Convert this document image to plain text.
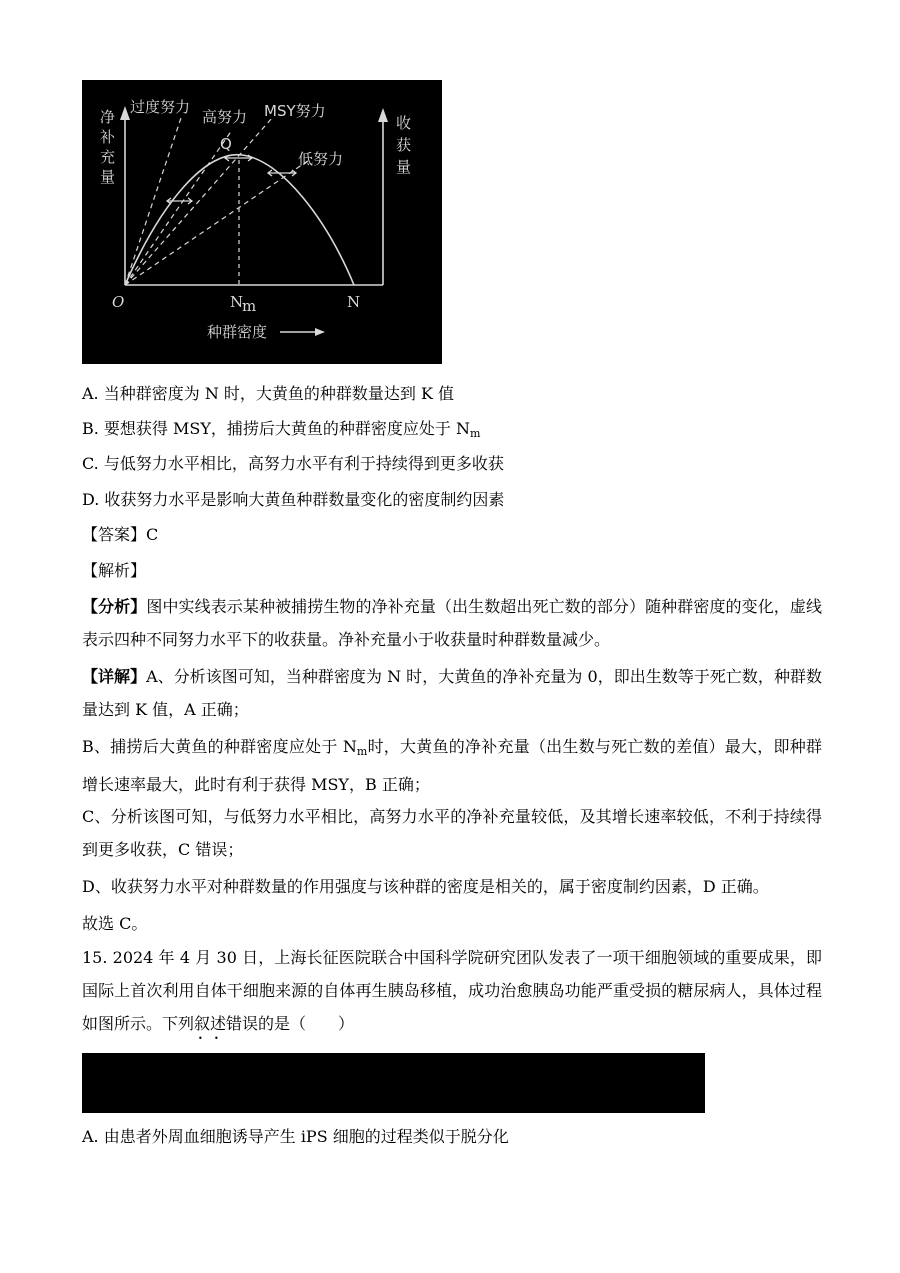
净
补
充
量
收
获
量
过度努力
高努力 MSY努力
低努力
Q
O	N
m	N
种群密度
A. 当种群密度为 N 时，大黄鱼的种群数量达到 K 值
B. 要想获得 MSY，捕捞后大黄鱼的种群密度应处于 $N_m$
C. 与低努力水平相比，高努力水平有利于持续得到更多收获
D. 收获努力水平是影响大黄鱼种群数量变化的密度制约因素
【答案】C
【解析】
【分析】图中实线表示某种被捕捞生物的净补充量（出生数超出死亡数的部分）随种群密度的变化，虚线表示四种不同努力水平下的收获量。净补充量小于收获量时种群数量减少。
【详解】A、分析该图可知，当种群密度为 N 时，大黄鱼的净补充量为 0，即出生数等于死亡数，种群数量达到 K 值，A 正确；
B、捕捞后大黄鱼的种群密度应处于 $N_m$时，大黄鱼的净补充量（出生数与死亡数的差值）最大，即种群增长速率最大，此时有利于获得 MSY，B 正确；
C、分析该图可知，与低努力水平相比，高努力水平的净补充量较低，及其增长速率较低，不利于持续得到更多收获，C 错误；
D、收获努力水平对种群数量的作用强度与该种群的密度是相关的，属于密度制约因素，D 正确。
故选 C。
15. 2024 年 4 月 30 日，上海长征医院联合中国科学院研究团队发表了一项干细胞领域的重要成果，即国际上首次利用自体干细胞来源的自体再生胰岛移植，成功治愈胰岛功能严重受损的糖尿病人，具体过程如图所示。下列叙述错误的是（　　）
• •
A. 由患者外周血细胞诱导产生 iPS 细胞的过程类似于脱分化
